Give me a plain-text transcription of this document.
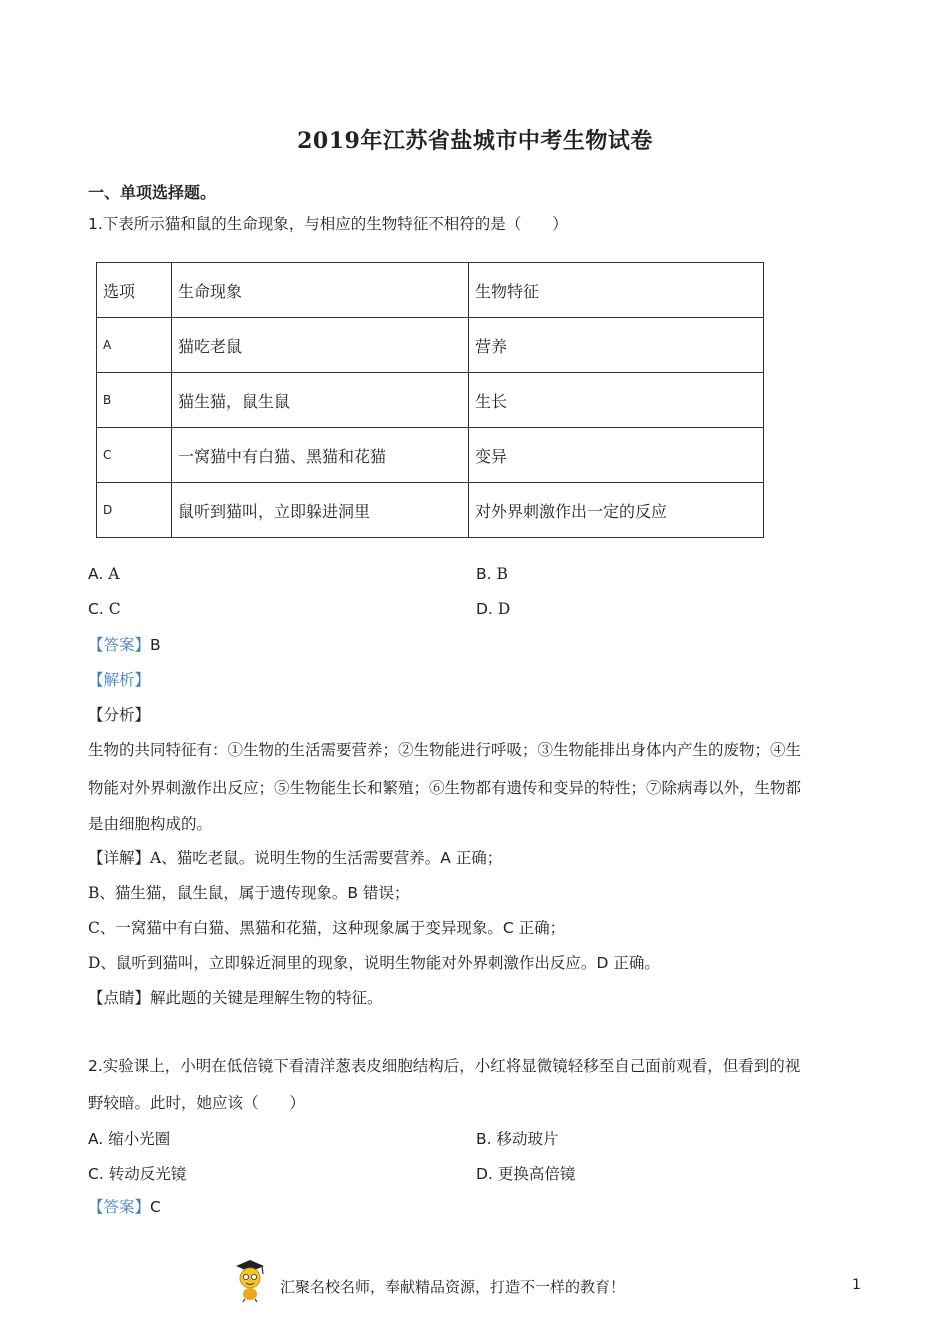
2019年江苏省盐城市中考生物试卷
一、单项选择题。
1.下表所示猫和鼠的生命现象，与相应的生物特征不相符的是（　　）
选项	生命现象	生物特征
A	猫吃老鼠	营养
B	猫生猫，鼠生鼠	生长
C	一窝猫中有白猫、黑猫和花猫	变异
D	鼠听到猫叫，立即躲进洞里	对外界刺激作出一定的反应
A. A	B. B
C. C	D. D
【答案】B
【解析】
【分析】
生物的共同特征有：①生物的生活需要营养；②生物能进行呼吸；③生物能排出身体内产生的废物；④生
物能对外界刺激作出反应；⑤生物能生长和繁殖；⑥生物都有遗传和变异的特性；⑦除病毒以外，生物都
是由细胞构成的。
【详解】A、猫吃老鼠。说明生物的生活需要营养。A 正确；
B、猫生猫，鼠生鼠，属于遗传现象。B 错误；
C、一窝猫中有白猫、黑猫和花猫，这种现象属于变异现象。C 正确；
D、鼠听到猫叫，立即躲近洞里的现象，说明生物能对外界刺激作出反应。D 正确。
【点睛】解此题的关键是理解生物的特征。
2.实验课上，小明在低倍镜下看清洋葱表皮细胞结构后，小红将显微镜轻移至自己面前观看，但看到的视
野较暗。此时，她应该（　　）
A. 缩小光圈	B. 移动玻片
C. 转动反光镜	D. 更换高倍镜
【答案】C
汇聚名校名师，奉献精品资源，打造不一样的教育！	1
